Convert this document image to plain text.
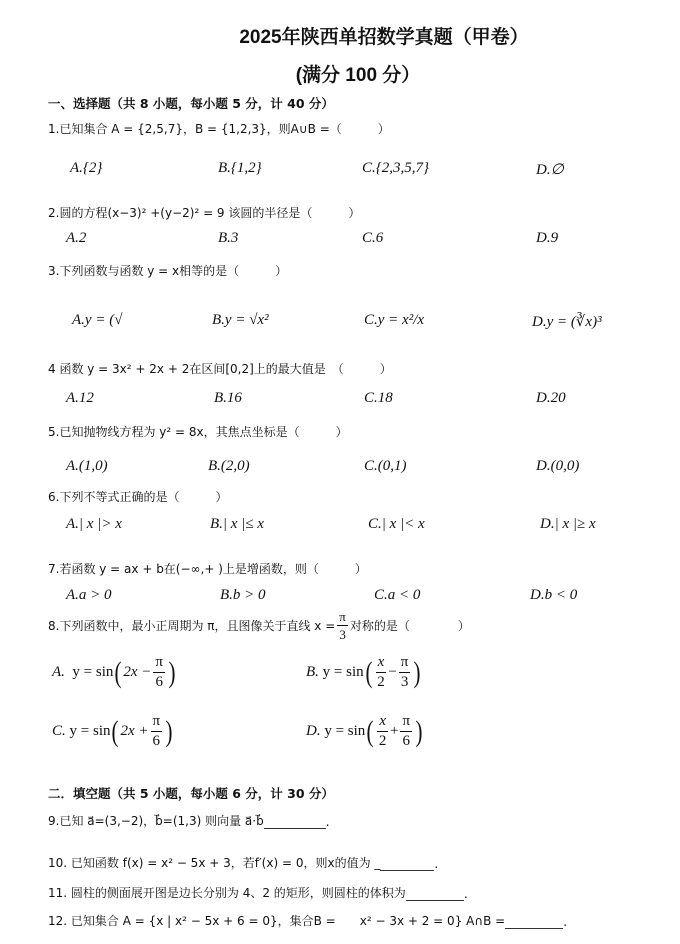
2025年陕西单招数学真题（甲卷）
(满分 100 分）
一、选择题（共 8 小题，每小题 5 分，计 40 分）
1.已知集合 A = {2,5,7}，B = {1,2,3}，则A∪B =（　　　）
A.{2}	B.{1,2}	C.{2,3,5,7}	D.∅
2.圆的方程(x−3)² +(y−2)² = 9 该圆的半径是（　　　）
A.2	B.3	C.6	D.9
3.下列函数与函数 y = x相等的是（　　　）
A.y = (√	B.y = √x²	C.y = x²/x	D.y = (∛x)³
4 函数 y = 3x² + 2x + 2在区间[0,2]上的最大值是　（　　　）
A.12	B.16	C.18	D.20
5.已知抛物线方程为 y² = 8x，其焦点坐标是（　　　）
A.(1,0)	B.(2,0)	C.(0,1)	D.(0,0)
6.下列不等式正确的是（　　　）
A.| x |> x	B.| x |≤ x	C.| x |< x	D.| x |≥ x
7.若函数 y = ax + b在(−∞,+ )上是增函数，则（　　　）
A.a > 0	B.b > 0	C.a < 0	D.b < 0
8.下列函数中，最小正周期为 π，且图像关于直线 $x = \frac{\pi}{3}$ 对称的是（　　　　）
A.
y = sin ( $2x - \frac{\pi}{6}$ )	B.
y = sin ( $\frac{x}{2} - \frac{\pi}{3}$ )
C.
y = sin ( $2x + \frac{\pi}{6}$ )	D.
y = sin ( $\frac{x}{2} + \frac{\pi}{6}$ )
二．填空题（共 5 小题，每小题 6 分，计 30 分）
9.已知 a⃗=(3,−2)，b⃗=(1,3) 则向量 a⃗·b⃗	.
10. 已知函数 f(x) = x² − 5x + 3，若f′(x) = 0，则x的值为 _	.
11. 圆柱的侧面展开图是边长分别为 4、2 的矩形，则圆柱的体积为	.
12. 已知集合 A = {x | x² − 5x + 6 = 0}，集合B =　　x² − 3x + 2 = 0} A∩B =	.
